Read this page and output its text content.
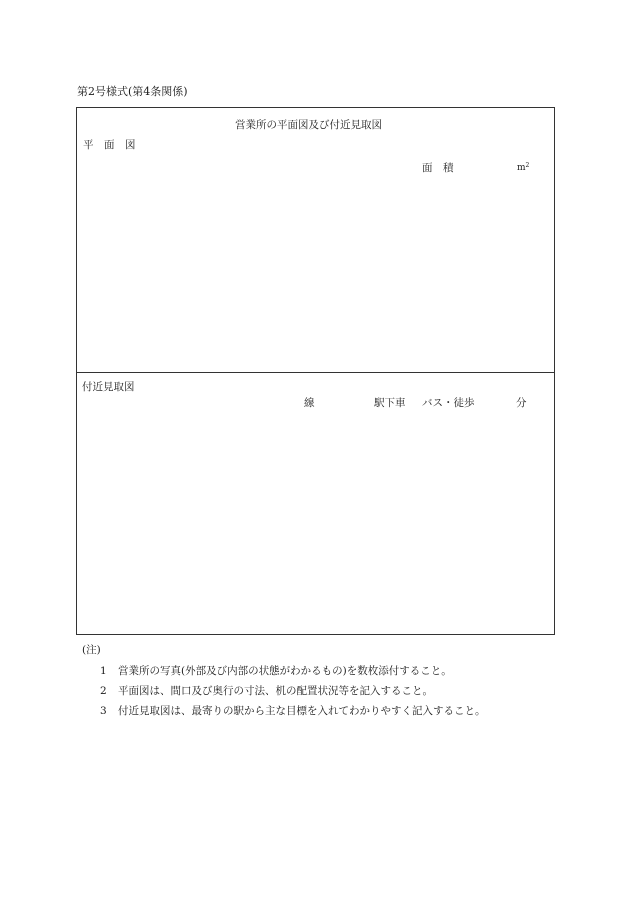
第2号様式(第4条関係)
営業所の平面図及び付近見取図
平　面　図
面　積	$m^2$
付近見取図
線	駅下車 バス・徒歩	分
(注)
1 営業所の写真(外部及び内部の状態がわかるもの)を数枚添付すること。
2 平面図は、間口及び奥行の寸法、机の配置状況等を記入すること。
3 付近見取図は、最寄りの駅から主な目標を入れてわかりやすく記入すること。
